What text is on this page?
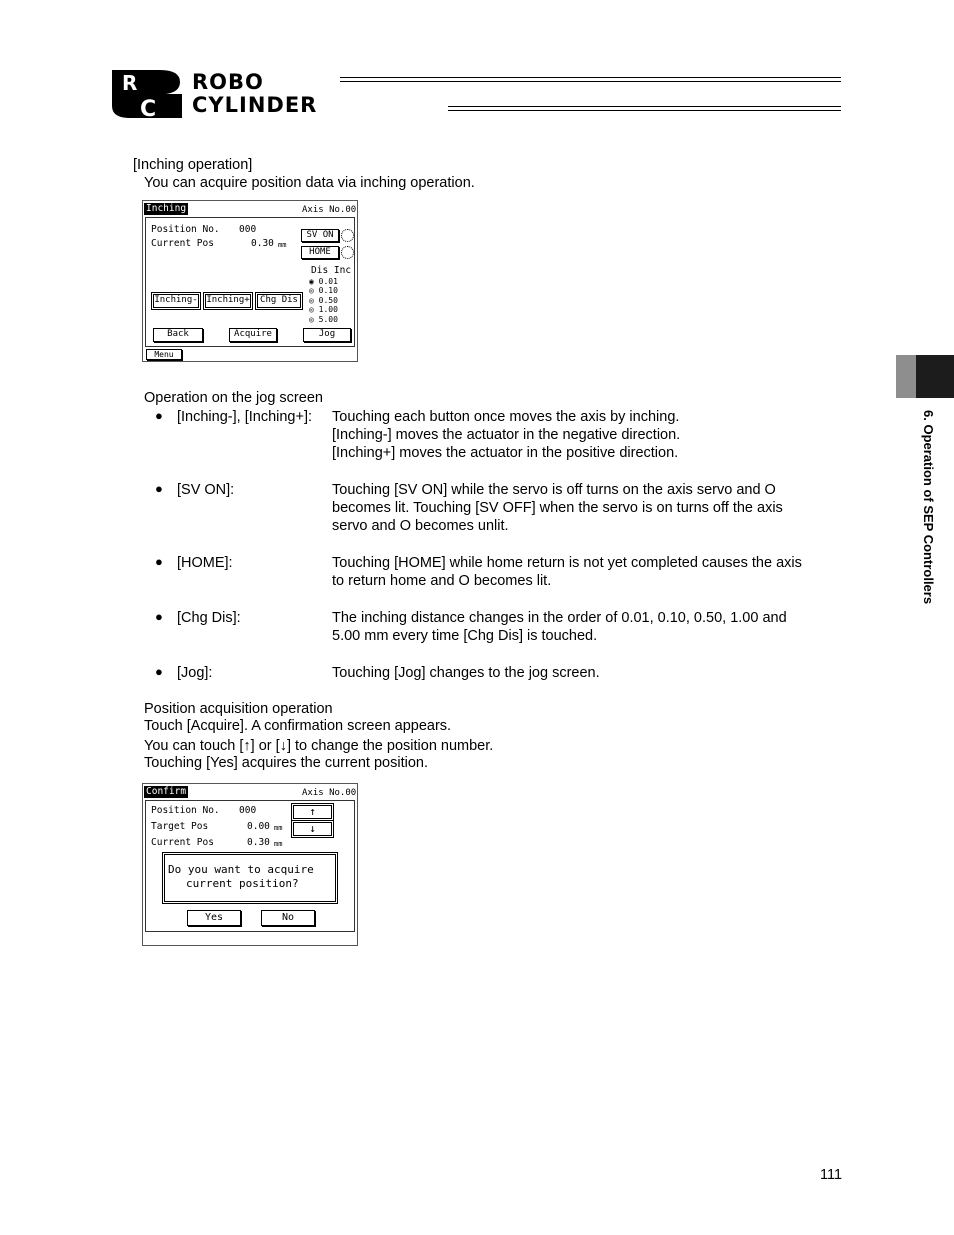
R
C
ROBO
CYLINDER
6. Operation of SEP Controllers
[Inching operation]
You can acquire position data via inching operation.
Inching	Axis No.00
Position No. 000
Current Pos	0.30 mm
SV ON
HOME
Dis Inc
◉ 0.01
◎ 0.10
◎ 0.50
◎ 1.00
◎ 5.00
Inching- Inching+	Chg Dis
Back	Acquire	Jog
Menu
Operation on the jog screen
● [Inching-], [Inching+]: Touching each button once moves the axis by inching.
[Inching-] moves the actuator in the negative direction.
[Inching+] moves the actuator in the positive direction.
● [SV ON]:	Touching [SV ON] while the servo is off turns on the axis servo and O
becomes lit. Touching [SV OFF] when the servo is on turns off the axis
servo and O becomes unlit.
● [HOME]:	Touching [HOME] while home return is not yet completed causes the axis
to return home and O becomes lit.
● [Chg Dis]:	The inching distance changes in the order of 0.01, 0.10, 0.50, 1.00 and
5.00 mm every time [Chg Dis] is touched.
● [Jog]:	Touching [Jog] changes to the jog screen.
Position acquisition operation
Touch [Acquire]. A confirmation screen appears.
You can touch [↑] or [↓] to change the position number.
Touching [Yes] acquires the current position.
Confirm	Axis No.00
Position No. 000
Target Pos	0.00 mm
Current Pos	0.30 mm
↑
↓
Do you want to acquire
current position?
Yes	No
111
